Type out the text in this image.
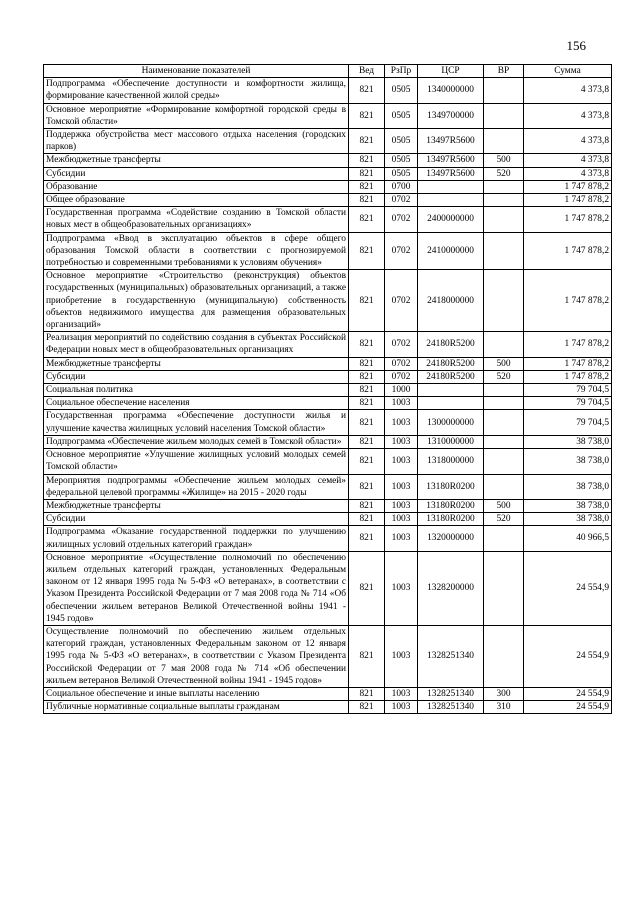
156
Наименование показателей	Вед	РзПр	ЦСР	ВР	Сумма
Подпрограмма «Обеспечение доступности и комфортности жилища, формирование качественной жилой среды»	821	0505	1340000000		4 373,8
Основное мероприятие «Формирование комфортной городской среды в Томской области»	821	0505	1349700000		4 373,8
Поддержка обустройства мест массового отдыха населения (городских парков)	821	0505	13497R5600		4 373,8
Межбюджетные трансферты	821	0505	13497R5600	500	4 373,8
Субсидии	821	0505	13497R5600	520	4 373,8
Образование	821	0700			1 747 878,2
Общее образование	821	0702			1 747 878,2
Государственная программа «Содействие созданию в Томской области новых мест в общеобразовательных организациях»	821	0702	2400000000		1 747 878,2
Подпрограмма «Ввод в эксплуатацию объектов в сфере общего образования Томской области в соответствии с прогнозируемой потребностью и современными требованиями к условиям обучения»	821	0702	2410000000		1 747 878,2
Основное мероприятие «Строительство (реконструкция) объектов государственных (муниципальных) образовательных организаций, а также приобретение в государственную (муниципальную) собственность объектов недвижимого имущества для размещения образовательных организаций»	821	0702	2418000000		1 747 878,2
Реализация мероприятий по содействию создания в субъектах Российской Федерации новых мест в общеобразовательных организациях	821	0702	24180R5200		1 747 878,2
Межбюджетные трансферты	821	0702	24180R5200	500	1 747 878,2
Субсидии	821	0702	24180R5200	520	1 747 878,2
Социальная политика	821	1000			79 704,5
Социальное обеспечение населения	821	1003			79 704,5
Государственная программа «Обеспечение доступности жилья и улучшение качества жилищных условий населения Томской области»	821	1003	1300000000		79 704,5
Подпрограмма «Обеспечение жильем молодых семей в Томской области»	821	1003	1310000000		38 738,0
Основное мероприятие «Улучшение жилищных условий молодых семей Томской области»	821	1003	1318000000		38 738,0
Мероприятия подпрограммы «Обеспечение жильем молодых семей» федеральной целевой программы «Жилище» на 2015 - 2020 годы	821	1003	13180R0200		38 738,0
Межбюджетные трансферты	821	1003	13180R0200	500	38 738,0
Субсидии	821	1003	13180R0200	520	38 738,0
Подпрограмма «Оказание государственной поддержки по улучшению жилищных условий отдельных категорий граждан»	821	1003	1320000000		40 966,5
Основное мероприятие «Осуществление полномочий по обеспечению жильем отдельных категорий граждан, установленных Федеральным законом от 12 января 1995 года № 5-ФЗ «О ветеранах», в соответствии с Указом Президента Российской Федерации от 7 мая 2008 года № 714 «Об обеспечении жильем ветеранов Великой Отечественной войны 1941 - 1945 годов»	821	1003	1328200000		24 554,9
Осуществление полномочий по обеспечению жильем отдельных категорий граждан, установленных Федеральным законом от 12 января 1995 года № 5-ФЗ «О ветеранах», в соответствии с Указом Президента Российской Федерации от 7 мая 2008 года № 714 «Об обеспечении жильем ветеранов Великой Отечественной войны 1941 - 1945 годов»	821	1003	1328251340		24 554,9
Социальное обеспечение и иные выплаты населению	821	1003	1328251340	300	24 554,9
Публичные нормативные социальные выплаты гражданам	821	1003	1328251340	310	24 554,9
